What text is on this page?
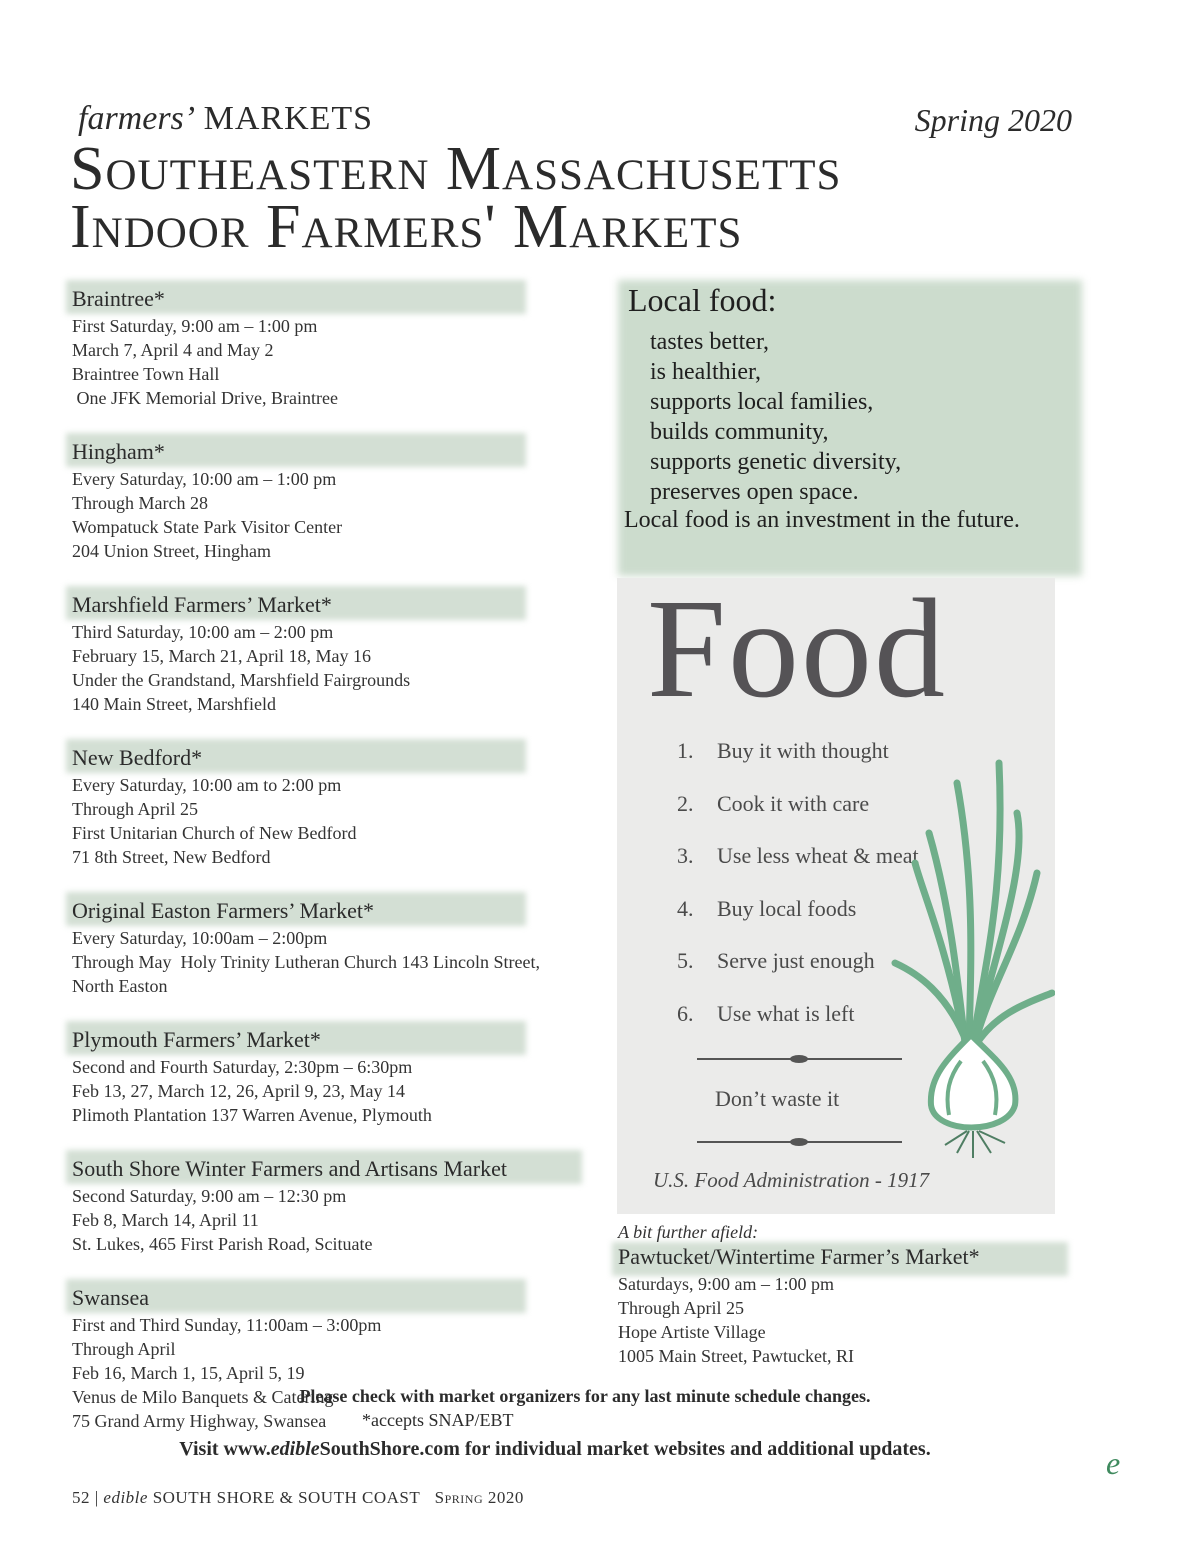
farmers’ MARKETS	Spring 2020
Southeastern Massachusetts
Indoor Farmers' Markets
Braintree*
First Saturday, 9:00 am – 1:00 pm
March 7, April 4 and May 2
Braintree Town Hall
One JFK Memorial Drive, Braintree
Hingham*
Every Saturday, 10:00 am – 1:00 pm
Through March 28
Wompatuck State Park Visitor Center
204 Union Street, Hingham
Marshfield Farmers’ Market*
Third Saturday, 10:00 am – 2:00 pm
February 15, March 21, April 18, May 16
Under the Grandstand, Marshfield Fairgrounds
140 Main Street, Marshfield
New Bedford*
Every Saturday, 10:00 am to 2:00 pm
Through April 25
First Unitarian Church of New Bedford
71 8th Street, New Bedford
Original Easton Farmers’ Market*
Every Saturday, 10:00am – 2:00pm
Through May  Holy Trinity Lutheran Church 143 Lincoln Street,
North Easton
Plymouth Farmers’ Market*
Second and Fourth Saturday, 2:30pm – 6:30pm
Feb 13, 27, March 12, 26, April 9, 23, May 14
Plimoth Plantation 137 Warren Avenue, Plymouth
South Shore Winter Farmers and Artisans Market
Second Saturday, 9:00 am – 12:30 pm
Feb 8, March 14, April 11
St. Lukes, 465 First Parish Road, Scituate
Swansea
First and Third Sunday, 11:00am – 3:00pm
Through April
Feb 16, March 1, 15, April 5, 19
Venus de Milo Banquets & Catering
75 Grand Army Highway, Swansea
Local food:
tastes better,
is healthier,
supports local families,
builds community,
supports genetic diversity,
preserves open space.
Local food is an investment in the future.
Food
1. Buy it with thought
2. Cook it with care
3. Use less wheat & meat
4. Buy local foods
5. Serve just enough
6. Use what is left
Don’t waste it
U.S. Food Administration - 1917
A bit further afield:
Pawtucket/Wintertime Farmer’s Market*
Saturdays, 9:00 am – 1:00 pm
Through April 25
Hope Artiste Village
1005 Main Street, Pawtucket, RI
Please check with market organizers for any last minute schedule changes.
*accepts SNAP/EBT
Visit www.edibleSouthShore.com for individual market websites and additional updates.	e
52 | edible SOUTH SHORE & SOUTH COAST Spring 2020
